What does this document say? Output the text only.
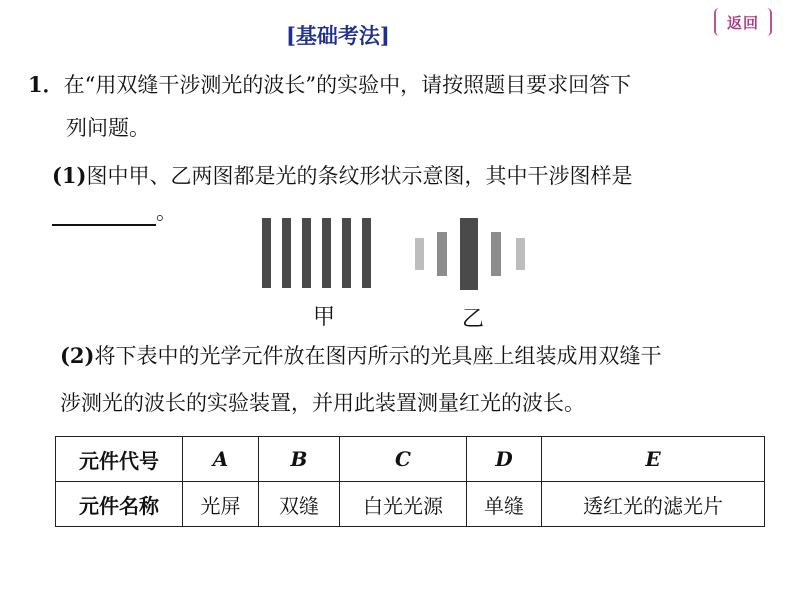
[基础考法]
返回
1．在“用双缝干涉测光的波长”的实验中，请按照题目要求回答下
列问题。
(1)图中甲、乙两图都是光的条纹形状示意图，其中干涉图样是
。
甲	乙
(2)将下表中的光学元件放在图丙所示的光具座上组装成用双缝干
涉测光的波长的实验装置，并用此装置测量红光的波长。
元件代号	A	B	C	D	E
元件名称	光屏	双缝	白光光源	单缝	透红光的滤光片
